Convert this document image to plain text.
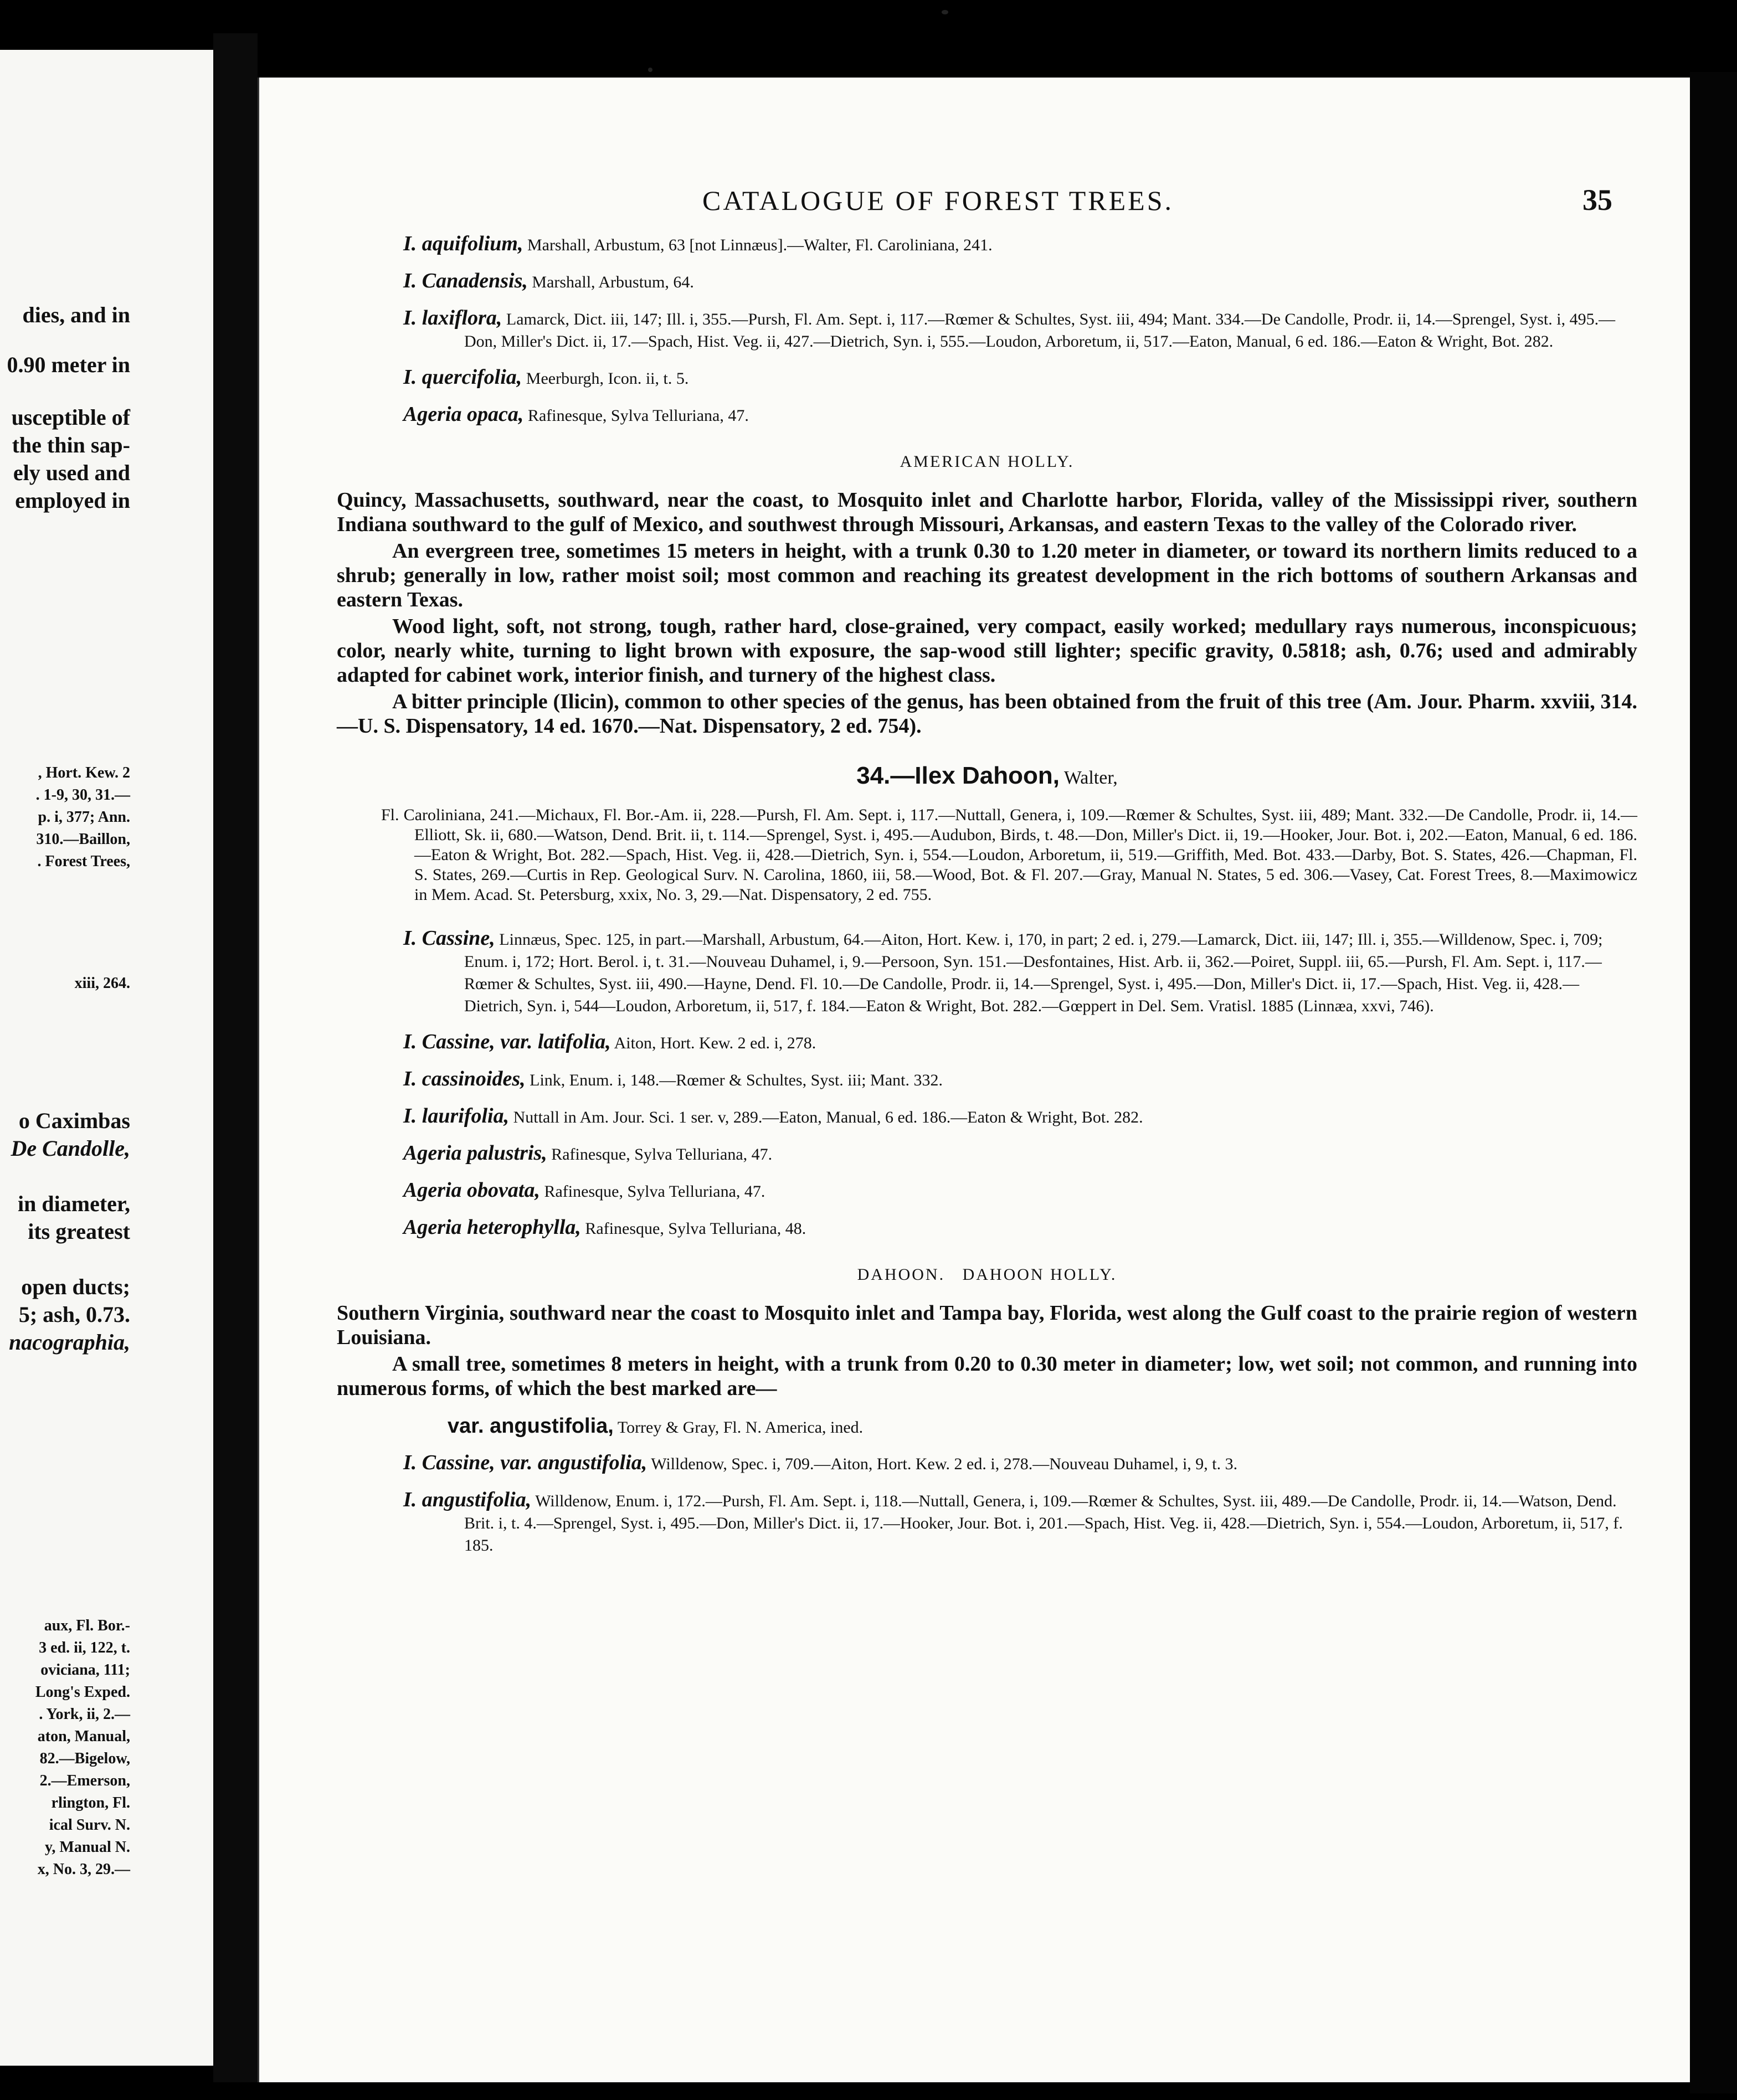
dies, and in
0.90 meter in
usceptible of
the thin sap-
ely used and
employed in
, Hort. Kew. 2
. 1-9, 30, 31.—
p. i, 377; Ann.
310.—Baillon,
. Forest Trees,
xiii, 264.
o Caximbas
De Candolle,
in diameter,
its greatest
open ducts;
5; ash, 0.73.
nacographia,
aux, Fl. Bor.-
3 ed. ii, 122, t.
oviciana, 111;
Long's Exped.
. York, ii, 2.—
aton, Manual,
82.—Bigelow,
2.—Emerson,
rlington, Fl.
ical Surv. N.
y, Manual N.
x, No. 3, 29.—
CATALOGUE OF FOREST TREES.	35

I. aquifolium, Marshall, Arbustum, 63 [not Linnæus].—Walter, Fl. Caroliniana, 241.

I. Canadensis, Marshall, Arbustum, 64.

I. laxiflora, Lamarck, Dict. iii, 147; Ill. i, 355.—Pursh, Fl. Am. Sept. i, 117.—Rœmer & Schultes, Syst. iii, 494; Mant. 334.—De Candolle, Prodr. ii, 14.—Sprengel, Syst. i, 495.—Don, Miller's Dict. ii, 17.—Spach, Hist. Veg. ii, 427.—Dietrich, Syn. i, 555.—Loudon, Arboretum, ii, 517.—Eaton, Manual, 6 ed. 186.—Eaton & Wright, Bot. 282.

I. quercifolia, Meerburgh, Icon. ii, t. 5.

Ageria opaca, Rafinesque, Sylva Telluriana, 47.

AMERICAN HOLLY.

Quincy, Massachusetts, southward, near the coast, to Mosquito inlet and Charlotte harbor, Florida, valley of the Mississippi river, southern Indiana southward to the gulf of Mexico, and southwest through Missouri, Arkansas, and eastern Texas to the valley of the Colorado river.

An evergreen tree, sometimes 15 meters in height, with a trunk 0.30 to 1.20 meter in diameter, or toward its northern limits reduced to a shrub; generally in low, rather moist soil; most common and reaching its greatest development in the rich bottoms of southern Arkansas and eastern Texas.

Wood light, soft, not strong, tough, rather hard, close-grained, very compact, easily worked; medullary rays numerous, inconspicuous; color, nearly white, turning to light brown with exposure, the sap-wood still lighter; specific gravity, 0.5818; ash, 0.76; used and admirably adapted for cabinet work, interior finish, and turnery of the highest class.

A bitter principle (Ilicin), common to other species of the genus, has been obtained from the fruit of this tree (Am. Jour. Pharm. xxviii, 314.—U. S. Dispensatory, 14 ed. 1670.—Nat. Dispensatory, 2 ed. 754).

34.—Ilex Dahoon, Walter,

Fl. Caroliniana, 241.—Michaux, Fl. Bor.-Am. ii, 228.—Pursh, Fl. Am. Sept. i, 117.—Nuttall, Genera, i, 109.—Rœmer & Schultes, Syst. iii, 489; Mant. 332.—De Candolle, Prodr. ii, 14.—Elliott, Sk. ii, 680.—Watson, Dend. Brit. ii, t. 114.—Sprengel, Syst. i, 495.—Audubon, Birds, t. 48.—Don, Miller's Dict. ii, 19.—Hooker, Jour. Bot. i, 202.—Eaton, Manual, 6 ed. 186.—Eaton & Wright, Bot. 282.—Spach, Hist. Veg. ii, 428.—Dietrich, Syn. i, 554.—Loudon, Arboretum, ii, 519.—Griffith, Med. Bot. 433.—Darby, Bot. S. States, 426.—Chapman, Fl. S. States, 269.—Curtis in Rep. Geological Surv. N. Carolina, 1860, iii, 58.—Wood, Bot. & Fl. 207.—Gray, Manual N. States, 5 ed. 306.—Vasey, Cat. Forest Trees, 8.—Maximowicz in Mem. Acad. St. Petersburg, xxix, No. 3, 29.—Nat. Dispensatory, 2 ed. 755.

I. Cassine, Linnæus, Spec. 125, in part.—Marshall, Arbustum, 64.—Aiton, Hort. Kew. i, 170, in part; 2 ed. i, 279.—Lamarck, Dict. iii, 147; Ill. i, 355.—Willdenow, Spec. i, 709; Enum. i, 172; Hort. Berol. i, t. 31.—Nouveau Duhamel, i, 9.—Persoon, Syn. 151.—Desfontaines, Hist. Arb. ii, 362.—Poiret, Suppl. iii, 65.—Pursh, Fl. Am. Sept. i, 117.—Rœmer & Schultes, Syst. iii, 490.—Hayne, Dend. Fl. 10.—De Candolle, Prodr. ii, 14.—Sprengel, Syst. i, 495.—Don, Miller's Dict. ii, 17.—Spach, Hist. Veg. ii, 428.—Dietrich, Syn. i, 544—Loudon, Arboretum, ii, 517, f. 184.—Eaton & Wright, Bot. 282.—Gœppert in Del. Sem. Vratisl. 1885 (Linnæa, xxvi, 746).

I. Cassine, var. latifolia, Aiton, Hort. Kew. 2 ed. i, 278.

I. cassinoides, Link, Enum. i, 148.—Rœmer & Schultes, Syst. iii; Mant. 332.

I. laurifolia, Nuttall in Am. Jour. Sci. 1 ser. v, 289.—Eaton, Manual, 6 ed. 186.—Eaton & Wright, Bot. 282.

Ageria palustris, Rafinesque, Sylva Telluriana, 47.

Ageria obovata, Rafinesque, Sylva Telluriana, 47.

Ageria heterophylla, Rafinesque, Sylva Telluriana, 48.

DAHOON.   DAHOON HOLLY.

Southern Virginia, southward near the coast to Mosquito inlet and Tampa bay, Florida, west along the Gulf coast to the prairie region of western Louisiana.

A small tree, sometimes 8 meters in height, with a trunk from 0.20 to 0.30 meter in diameter; low, wet soil; not common, and running into numerous forms, of which the best marked are—

var. angustifolia, Torrey & Gray, Fl. N. America, ined.

I. Cassine, var. angustifolia, Willdenow, Spec. i, 709.—Aiton, Hort. Kew. 2 ed. i, 278.—Nouveau Duhamel, i, 9, t. 3.

I. angustifolia, Willdenow, Enum. i, 172.—Pursh, Fl. Am. Sept. i, 118.—Nuttall, Genera, i, 109.—Rœmer & Schultes, Syst. iii, 489.—De Candolle, Prodr. ii, 14.—Watson, Dend. Brit. i, t. 4.—Sprengel, Syst. i, 495.—Don, Miller's Dict. ii, 17.—Hooker, Jour. Bot. i, 201.—Spach, Hist. Veg. ii, 428.—Dietrich, Syn. i, 554.—Loudon, Arboretum, ii, 517, f. 185.
